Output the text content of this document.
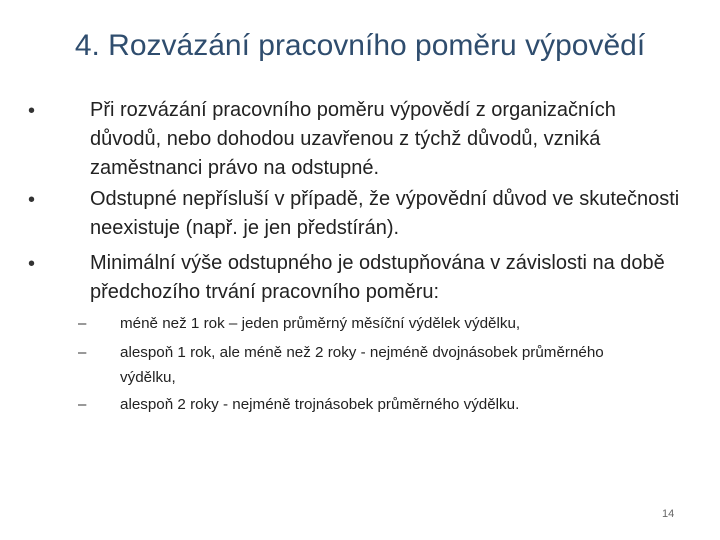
4. Rozvázání pracovního poměru výpovědí
•	Při rozvázání pracovního poměru výpovědí z organizačních důvodů, nebo dohodou uzavřenou z týchž důvodů, vzniká zaměstnanci právo na odstupné.
•	Odstupné nepřísluší v případě, že výpovědní důvod ve skutečnosti neexistuje (např. je jen předstírán).
•	Minimální výše odstupného je odstupňována v závislosti na době předchozího trvání pracovního poměru:
– méně než 1 rok – jeden průměrný měsíční výdělek výdělku,
– alespoň 1 rok, ale méně než 2 roky - nejméně dvojnásobek průměrného výdělku,
– alespoň 2 roky - nejméně trojnásobek průměrného výdělku.
14
